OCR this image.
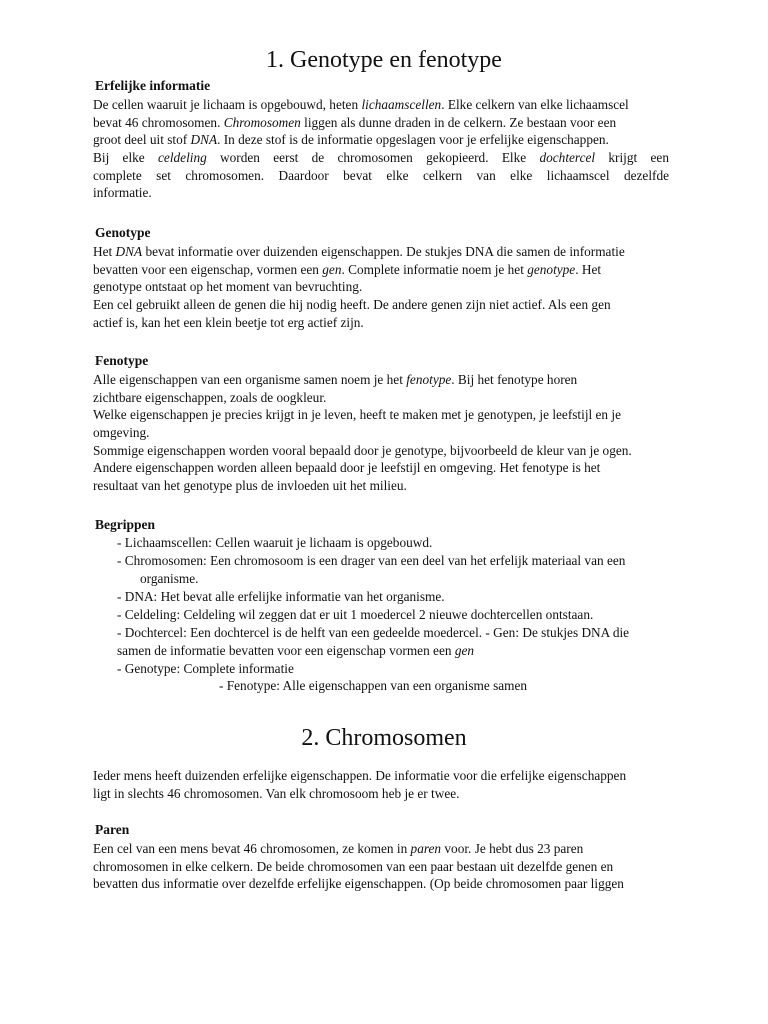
1. Genotype en fenotype
Erfelijke informatie
De cellen waaruit je lichaam is opgebouwd, heten lichaamscellen. Elke celkern van elke lichaamscel
bevat 46 chromosomen. Chromosomen liggen als dunne draden in de celkern. Ze bestaan voor een
groot deel uit stof DNA. In deze stof is de informatie opgeslagen voor je erfelijke eigenschappen.
Bij elke celdeling worden eerst de chromosomen gekopieerd. Elke dochtercel krijgt een
complete set chromosomen. Daardoor bevat elke celkern van elke lichaamscel dezelfde
informatie.
Genotype
Het DNA bevat informatie over duizenden eigenschappen. De stukjes DNA die samen de informatie
bevatten voor een eigenschap, vormen een gen. Complete informatie noem je het genotype. Het
genotype ontstaat op het moment van bevruchting.
Een cel gebruikt alleen de genen die hij nodig heeft. De andere genen zijn niet actief. Als een gen
actief is, kan het een klein beetje tot erg actief zijn.
Fenotype
Alle eigenschappen van een organisme samen noem je het fenotype. Bij het fenotype horen
zichtbare eigenschappen, zoals de oogkleur.
Welke eigenschappen je precies krijgt in je leven, heeft te maken met je genotypen, je leefstijl en je
omgeving.
Sommige eigenschappen worden vooral bepaald door je genotype, bijvoorbeeld de kleur van je ogen.
Andere eigenschappen worden alleen bepaald door je leefstijl en omgeving. Het fenotype is het
resultaat van het genotype plus de invloeden uit het milieu.
Begrippen
- Lichaamscellen: Cellen waaruit je lichaam is opgebouwd.
- Chromosomen: Een chromosoom is een drager van een deel van het erfelijk materiaal van een
organisme.
- DNA: Het bevat alle erfelijke informatie van het organisme.
- Celdeling: Celdeling wil zeggen dat er uit 1 moedercel 2 nieuwe dochtercellen ontstaan.
- Dochtercel: Een dochtercel is de helft van een gedeelde moedercel. - Gen: De stukjes DNA die
samen de informatie bevatten voor een eigenschap vormen een gen
- Genotype: Complete informatie
- Fenotype: Alle eigenschappen van een organisme samen
2. Chromosomen
Ieder mens heeft duizenden erfelijke eigenschappen. De informatie voor die erfelijke eigenschappen
ligt in slechts 46 chromosomen. Van elk chromosoom heb je er twee.
Paren
Een cel van een mens bevat 46 chromosomen, ze komen in paren voor. Je hebt dus 23 paren
chromosomen in elke celkern. De beide chromosomen van een paar bestaan uit dezelfde genen en
bevatten dus informatie over dezelfde erfelijke eigenschappen. (Op beide chromosomen paar liggen
